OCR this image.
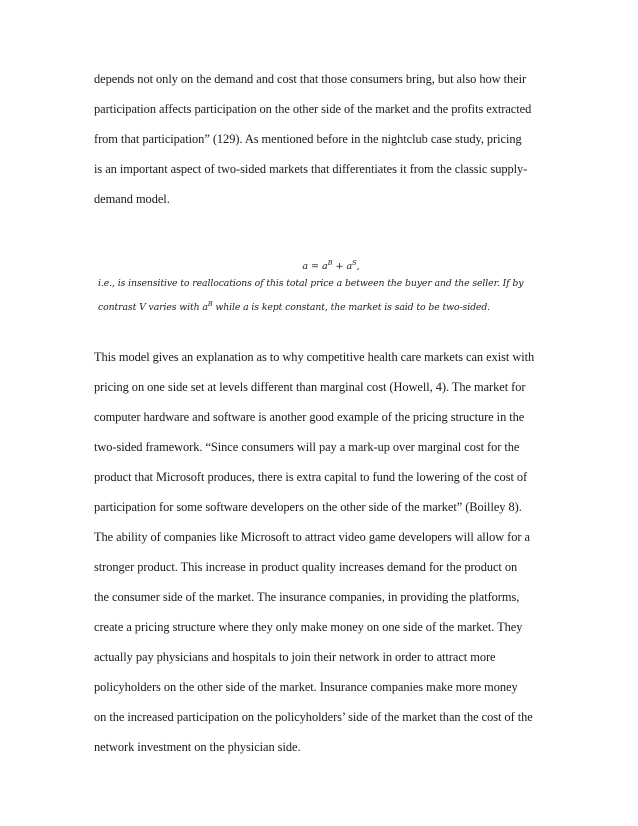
depends not only on the demand and cost that those consumers bring, but also how their
participation affects participation on the other side of the market and the profits extracted
from that participation” (129). As mentioned before in the nightclub case study, pricing
is an important aspect of two-sided markets that differentiates it from the classic supply-
demand model.
$a = a^B + a^S$,
i.e., is insensitive to reallocations of this total price a between the buyer and the seller. If by
contrast V varies with $a^B$ while a is kept constant, the market is said to be two-sided.
This model gives an explanation as to why competitive health care markets can exist with
pricing on one side set at levels different than marginal cost (Howell, 4). The market for
computer hardware and software is another good example of the pricing structure in the
two-sided framework. “Since consumers will pay a mark-up over marginal cost for the
product that Microsoft produces, there is extra capital to fund the lowering of the cost of
participation for some software developers on the other side of the market” (Boilley 8).
The ability of companies like Microsoft to attract video game developers will allow for a
stronger product. This increase in product quality increases demand for the product on
the consumer side of the market. The insurance companies, in providing the platforms,
create a pricing structure where they only make money on one side of the market. They
actually pay physicians and hospitals to join their network in order to attract more
policyholders on the other side of the market. Insurance companies make more money
on the increased participation on the policyholders’ side of the market than the cost of the
network investment on the physician side.
